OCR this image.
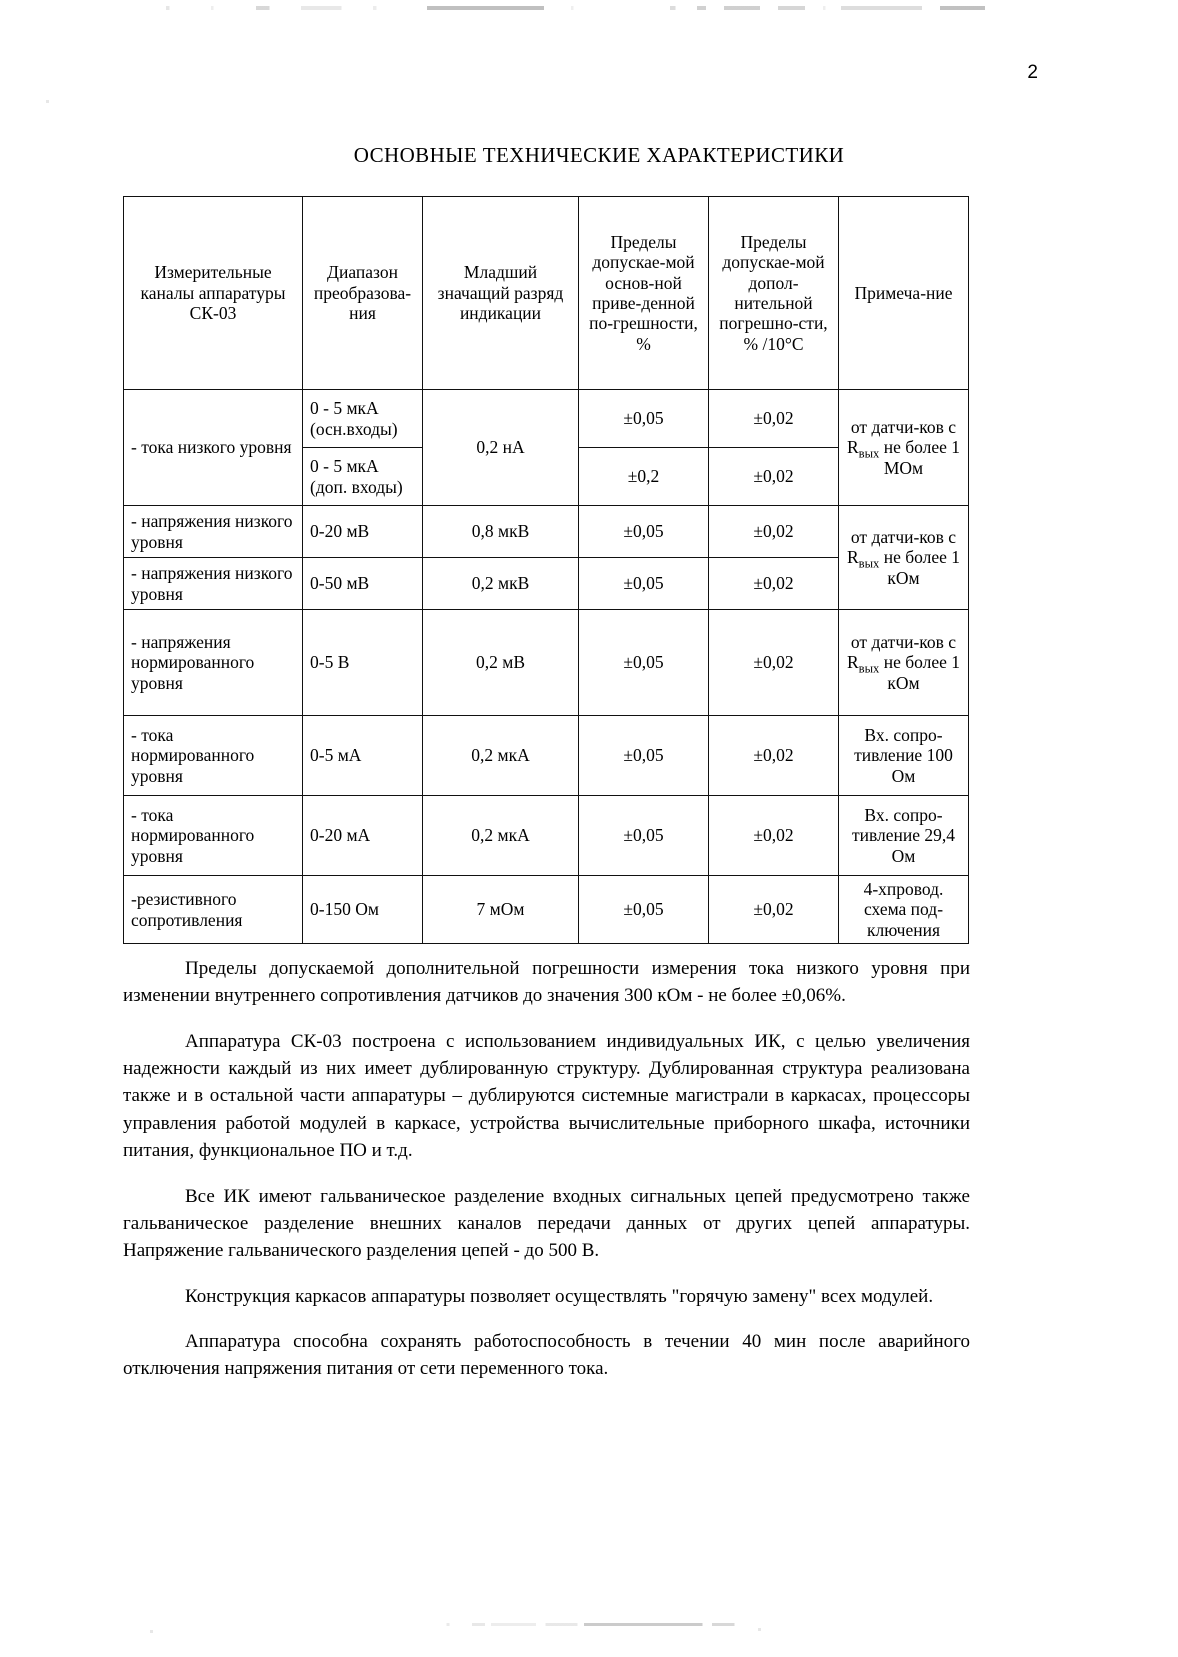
2
ОСНОВНЫЕ ТЕХНИЧЕСКИЕ ХАРАКТЕРИСТИКИ
Измерительные каналы аппаратуры СК-03	Диапазон преобразова-ния	Младший значащий разряд индикации	Пределы допускае-мой основ-ной приве-денной по-грешности, %	Пределы допускае-мой допол-нительной погрешно-сти, % /10°C	Примеча-ние
- тока низкого уровня	0 - 5 мкА (осн.входы)	0,2 нА	±0,05	±0,02	от датчи-ков с $R_{вых}$ не более 1 МОм
	0 - 5 мкА (доп. входы)		±0,2	±0,02	
- напряжения низкого уровня	0-20 мВ	0,8 мкВ	±0,05	±0,02	от датчи-ков с $R_{вых}$ не более 1 кОм
- напряжения низкого уровня	0-50 мВ	0,2 мкВ	±0,05	±0,02	
- напряжения нормированного уровня	0-5 В	0,2 мВ	±0,05	±0,02	от датчи-ков с $R_{вых}$ не более 1 кОм
- тока нормированного уровня	0-5 мА	0,2 мкА	±0,05	±0,02	Вх. сопро-тивление 100 Ом
- тока нормированного уровня	0-20 мА	0,2 мкА	±0,05	±0,02	Вх. сопро-тивление 29,4 Ом
-резистивного сопротивления	0-150 Ом	7 мОм	±0,05	±0,02	4-хпровод. схема под-ключения

Пределы допускаемой дополнительной погрешности измерения тока низкого уровня при изменении внутреннего сопротивления датчиков до значения 300 кОм - не более ±0,06%.

Аппаратура СК-03 построена с использованием индивидуальных ИК, с целью увеличения надежности каждый из них имеет дублированную структуру. Дублированная структура реализована также и в остальной части аппаратуры – дублируются системные магистрали в каркасах, процессоры управления работой модулей в каркасе, устройства вычислительные приборного шкафа, источники питания, функциональное ПО и т.д.

Все ИК имеют гальваническое разделение входных сигнальных цепей предусмотрено также гальваническое разделение внешних каналов передачи данных от других цепей аппаратуры. Напряжение гальванического разделения цепей - до 500 В.

Конструкция каркасов аппаратуры позволяет осуществлять "горячую замену" всех модулей.

Аппаратура способна сохранять работоспособность в течении 40 мин после аварийного отключения напряжения питания от сети переменного тока.
